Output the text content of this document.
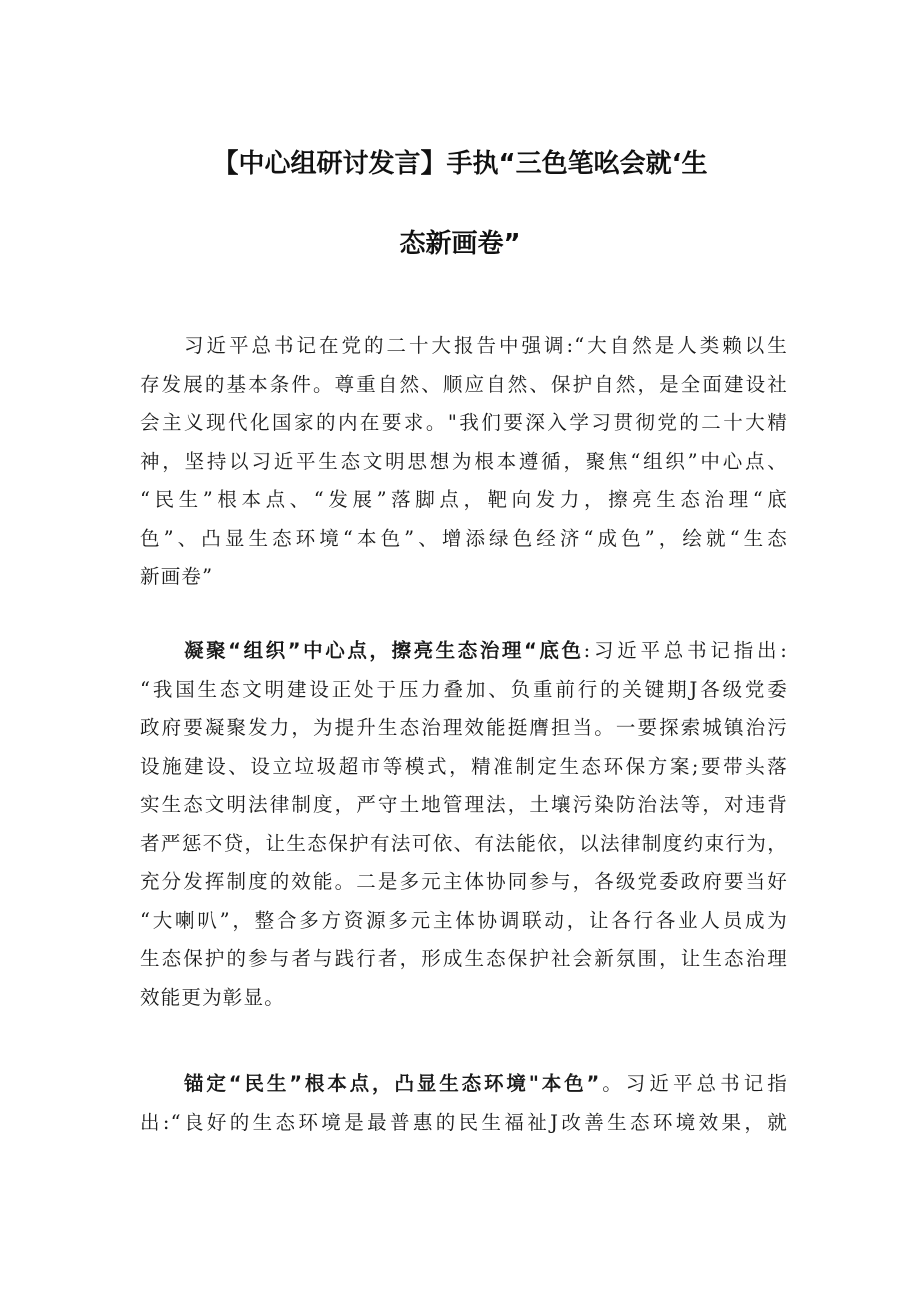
【中心组研讨发言】手执“三色笔吆会就‘生
态新画卷”
习近平总书记在党的二十大报告中强调:“大自然是人类赖以生
存发展的基本条件。尊重自然、顺应自然、保护自然，是全面建设社
会主义现代化国家的内在要求。"我们要深入学习贯彻党的二十大精
神，坚持以习近平生态文明思想为根本遵循，聚焦“组织”中心点、
“民生”根本点、“发展”落脚点，靶向发力，擦亮生态治理“底
色”、凸显生态环境“本色”、增添绿色经济“成色”，绘就“生态
新画卷”
凝聚“组织”中心点，擦亮生态治理“底色:习近平总书记指出:
“我国生态文明建设正处于压力叠加、负重前行的关键期J各级党委
政府要凝聚发力，为提升生态治理效能挺膺担当。一要探索城镇治污
设施建设、设立垃圾超市等模式，精准制定生态环保方案;要带头落
实生态文明法律制度，严守土地管理法，土壤污染防治法等，对违背
者严惩不贷，让生态保护有法可依、有法能依，以法律制度约束行为，
充分发挥制度的效能。二是多元主体协同参与，各级党委政府要当好
“大喇叭”，整合多方资源多元主体协调联动，让各行各业人员成为
生态保护的参与者与践行者，形成生态保护社会新氛围，让生态治理
效能更为彰显。
锚定“民生”根本点，凸显生态环境"本色”。习近平总书记指
出:“良好的生态环境是最普惠的民生福祉J改善生态环境效果，就
